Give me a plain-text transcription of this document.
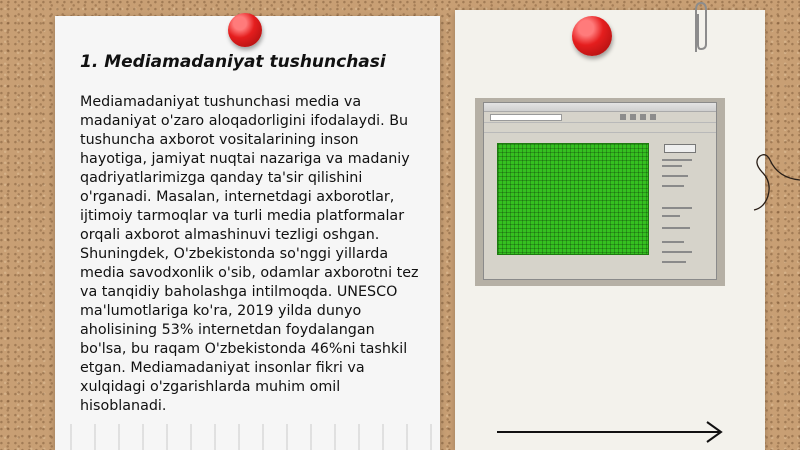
1. Mediamadaniyat tushunchasi

Mediamadaniyat tushunchasi media va madaniyat o'zaro aloqadorligini ifodalaydi. Bu tushuncha axborot vositalarining inson hayotiga, jamiyat nuqtai nazariga va madaniy qadriyatlarimizga qanday ta'sir qilishini o'rganadi. Masalan, internetdagi axborotlar, ijtimoiy tarmoqlar va turli media platformalar orqali axborot almashinuvi tezligi oshgan. Shuningdek, O'zbekistonda so'nggi yillarda media savodxonlik o'sib, odamlar axborotni tez va tanqidiy baholashga intilmoqda. UNESCO ma'lumotlariga ko'ra, 2019 yilda dunyo aholisining 53% internetdan foydalangan bo'lsa, bu raqam O'zbekistonda 46%ni tashkil etgan. Mediamadaniyat insonlar fikri va xulqidagi o'zgarishlarda muhim omil hisoblanadi.
